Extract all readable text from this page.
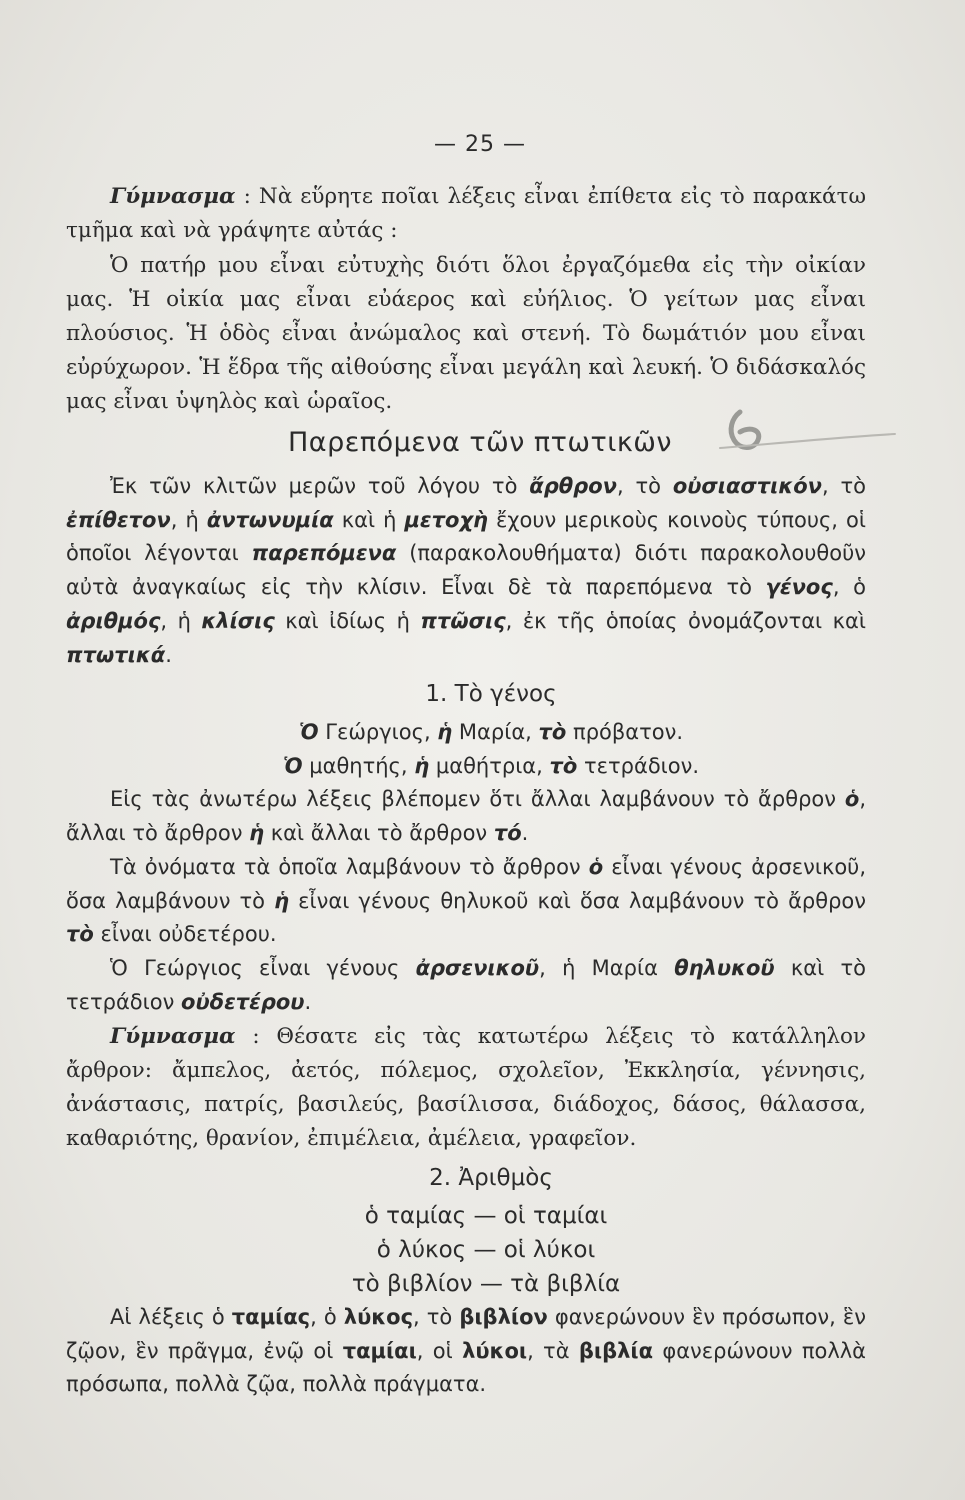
— 25 —

Γύμνασμα : Νὰ εὕρητε ποῖαι λέξεις εἶναι ἐπίθετα εἰς τὸ παρακάτω τμῆμα καὶ νὰ γράψητε αὐτάς :

Ὁ πατήρ μου εἶναι εὐτυχὴς διότι ὅλοι ἐργαζόμεθα εἰς τὴν οἰκίαν μας. Ἡ οἰκία μας εἶναι εὐάερος καὶ εὐήλιος. Ὁ γείτων μας εἶναι πλούσιος. Ἡ ὁδὸς εἶναι ἀνώμαλος καὶ στενή. Τὸ δωμάτιόν μου εἶναι εὐρύχωρον. Ἡ ἕδρα τῆς αἰθούσης εἶναι μεγάλη καὶ λευκή. Ὁ διδάσκαλός μας εἶναι ὑψηλὸς καὶ ὡραῖος.

Παρεπόμενα τῶν πτωτικῶν

Ἐκ τῶν κλιτῶν μερῶν τοῦ λόγου τὸ ἄρθρον, τὸ οὐσιαστικόν, τὸ ἐπίθετον, ἡ ἀντωνυμία καὶ ἡ μετοχὴ ἔχουν μερικοὺς κοινοὺς τύπους, οἱ ὁποῖοι λέγονται παρεπόμενα (παρακολουθήματα) διότι παρακολουθοῦν αὐτὰ ἀναγκαίως εἰς τὴν κλίσιν. Εἶναι δὲ τὰ παρεπόμενα τὸ γένος, ὁ ἀριθμός, ἡ κλίσις καὶ ἰδίως ἡ πτῶσις, ἐκ τῆς ὁποίας ὀνομάζονται καὶ πτωτικά.

1. Τὸ γένος
Ὁ Γεώργιος, ἡ Μαρία, τὸ πρόβατον.
Ὁ μαθητής, ἡ μαθήτρια, τὸ τετράδιον.

Εἰς τὰς ἀνωτέρω λέξεις βλέπομεν ὅτι ἄλλαι λαμβάνουν τὸ ἄρθρον ὁ, ἄλλαι τὸ ἄρθρον ἡ καὶ ἄλλαι τὸ ἄρθρον τό.

Τὰ ὀνόματα τὰ ὁποῖα λαμβάνουν τὸ ἄρθρον ὁ εἶναι γένους ἀρσενικοῦ, ὅσα λαμβάνουν τὸ ἡ εἶναι γένους θηλυκοῦ καὶ ὅσα λαμβάνουν τὸ ἄρθρον τὸ εἶναι οὐδετέρου.

Ὁ Γεώργιος εἶναι γένους ἀρσενικοῦ, ἡ Μαρία θηλυκοῦ καὶ τὸ τετράδιον οὐδετέρου.

Γύμνασμα : Θέσατε εἰς τὰς κατωτέρω λέξεις τὸ κατάλληλον ἄρθρον: ἄμπελος, ἀετός, πόλεμος, σχολεῖον, Ἐκκλησία, γέννησις, ἀνάστασις, πατρίς, βασιλεύς, βασίλισσα, διάδοχος, δάσος, θάλασσα, καθαριότης, θρανίον, ἐπιμέλεια, ἀμέλεια, γραφεῖον.

2. Ἀριθμὸς
ὁ ταμίας — οἱ ταμίαι
ὁ λύκος — οἱ λύκοι
τὸ βιβλίον — τὰ βιβλία

Αἱ λέξεις ὁ ταμίας, ὁ λύκος, τὸ βιβλίον φανερώνουν ἓν πρόσωπον, ἓν ζῷον, ἓν πρᾶγμα, ἐνῷ οἱ ταμίαι, οἱ λύκοι, τὰ βιβλία φανερώνουν πολλὰ πρόσωπα, πολλὰ ζῷα, πολλὰ πράγματα.
